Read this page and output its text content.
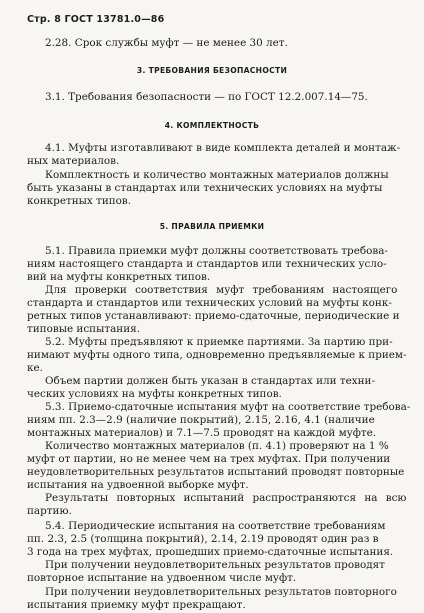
Стр. 8 ГОСТ 13781.0—86
2.28. Срок службы муфт — не менее 30 лет.
3. ТРЕБОВАНИЯ БЕЗОПАСНОСТИ
3.1. Требования безопасности — по ГОСТ 12.2.007.14—75.
4. КОМПЛЕКТНОСТЬ
4.1. Муфты изготавливают в виде комплекта деталей и монтаж-
ных материалов.
Комплектность и количество монтажных материалов должны
быть указаны в стандартах или технических условиях на муфты
конкретных типов.
5. ПРАВИЛА ПРИЕМКИ
5.1. Правила приемки муфт должны соответствовать требова-
ниям настоящего стандарта и стандартов или технических усло-
вий на муфты конкретных типов.
Для проверки соответствия муфт требованиям настоящего
стандарта и стандартов или технических условий на муфты конк-
ретных типов устанавливают: приемо-сдаточные, периодические и
типовые испытания.
5.2. Муфты предъявляют к приемке партиями. За партию при-
нимают муфты одного типа, одновременно предъявляемые к прием-
ке.
Объем партии должен быть указан в стандартах или техни-
ческих условиях на муфты конкретных типов.
5.3. Приемо-сдаточные испытания муфт на соответствие требова-
ниям пп. 2.3—2.9 (наличие покрытий), 2.15, 2.16, 4.1 (наличие
монтажных материалов) и 7.1—7.5 проводят на каждой муфте.
Количество монтажных материалов (п. 4.1) проверяют на 1 %
муфт от партии, но не менее чем на трех муфтах. При получении
неудовлетворительных результатов испытаний проводят повторные
испытания на удвоенной выборке муфт.
Результаты повторных испытаний распространяются на всю
партию.
5.4. Периодические испытания на соответствие требованиям
пп. 2.3, 2.5 (толщина покрытий), 2.14, 2.19 проводят один раз в
3 года на трех муфтах, прошедших приемо-сдаточные испытания.
При получении неудовлетворительных результатов проводят
повторное испытание на удвоенном числе муфт.
При получении неудовлетворительных результатов повторного
испытания приемку муфт прекращают.
